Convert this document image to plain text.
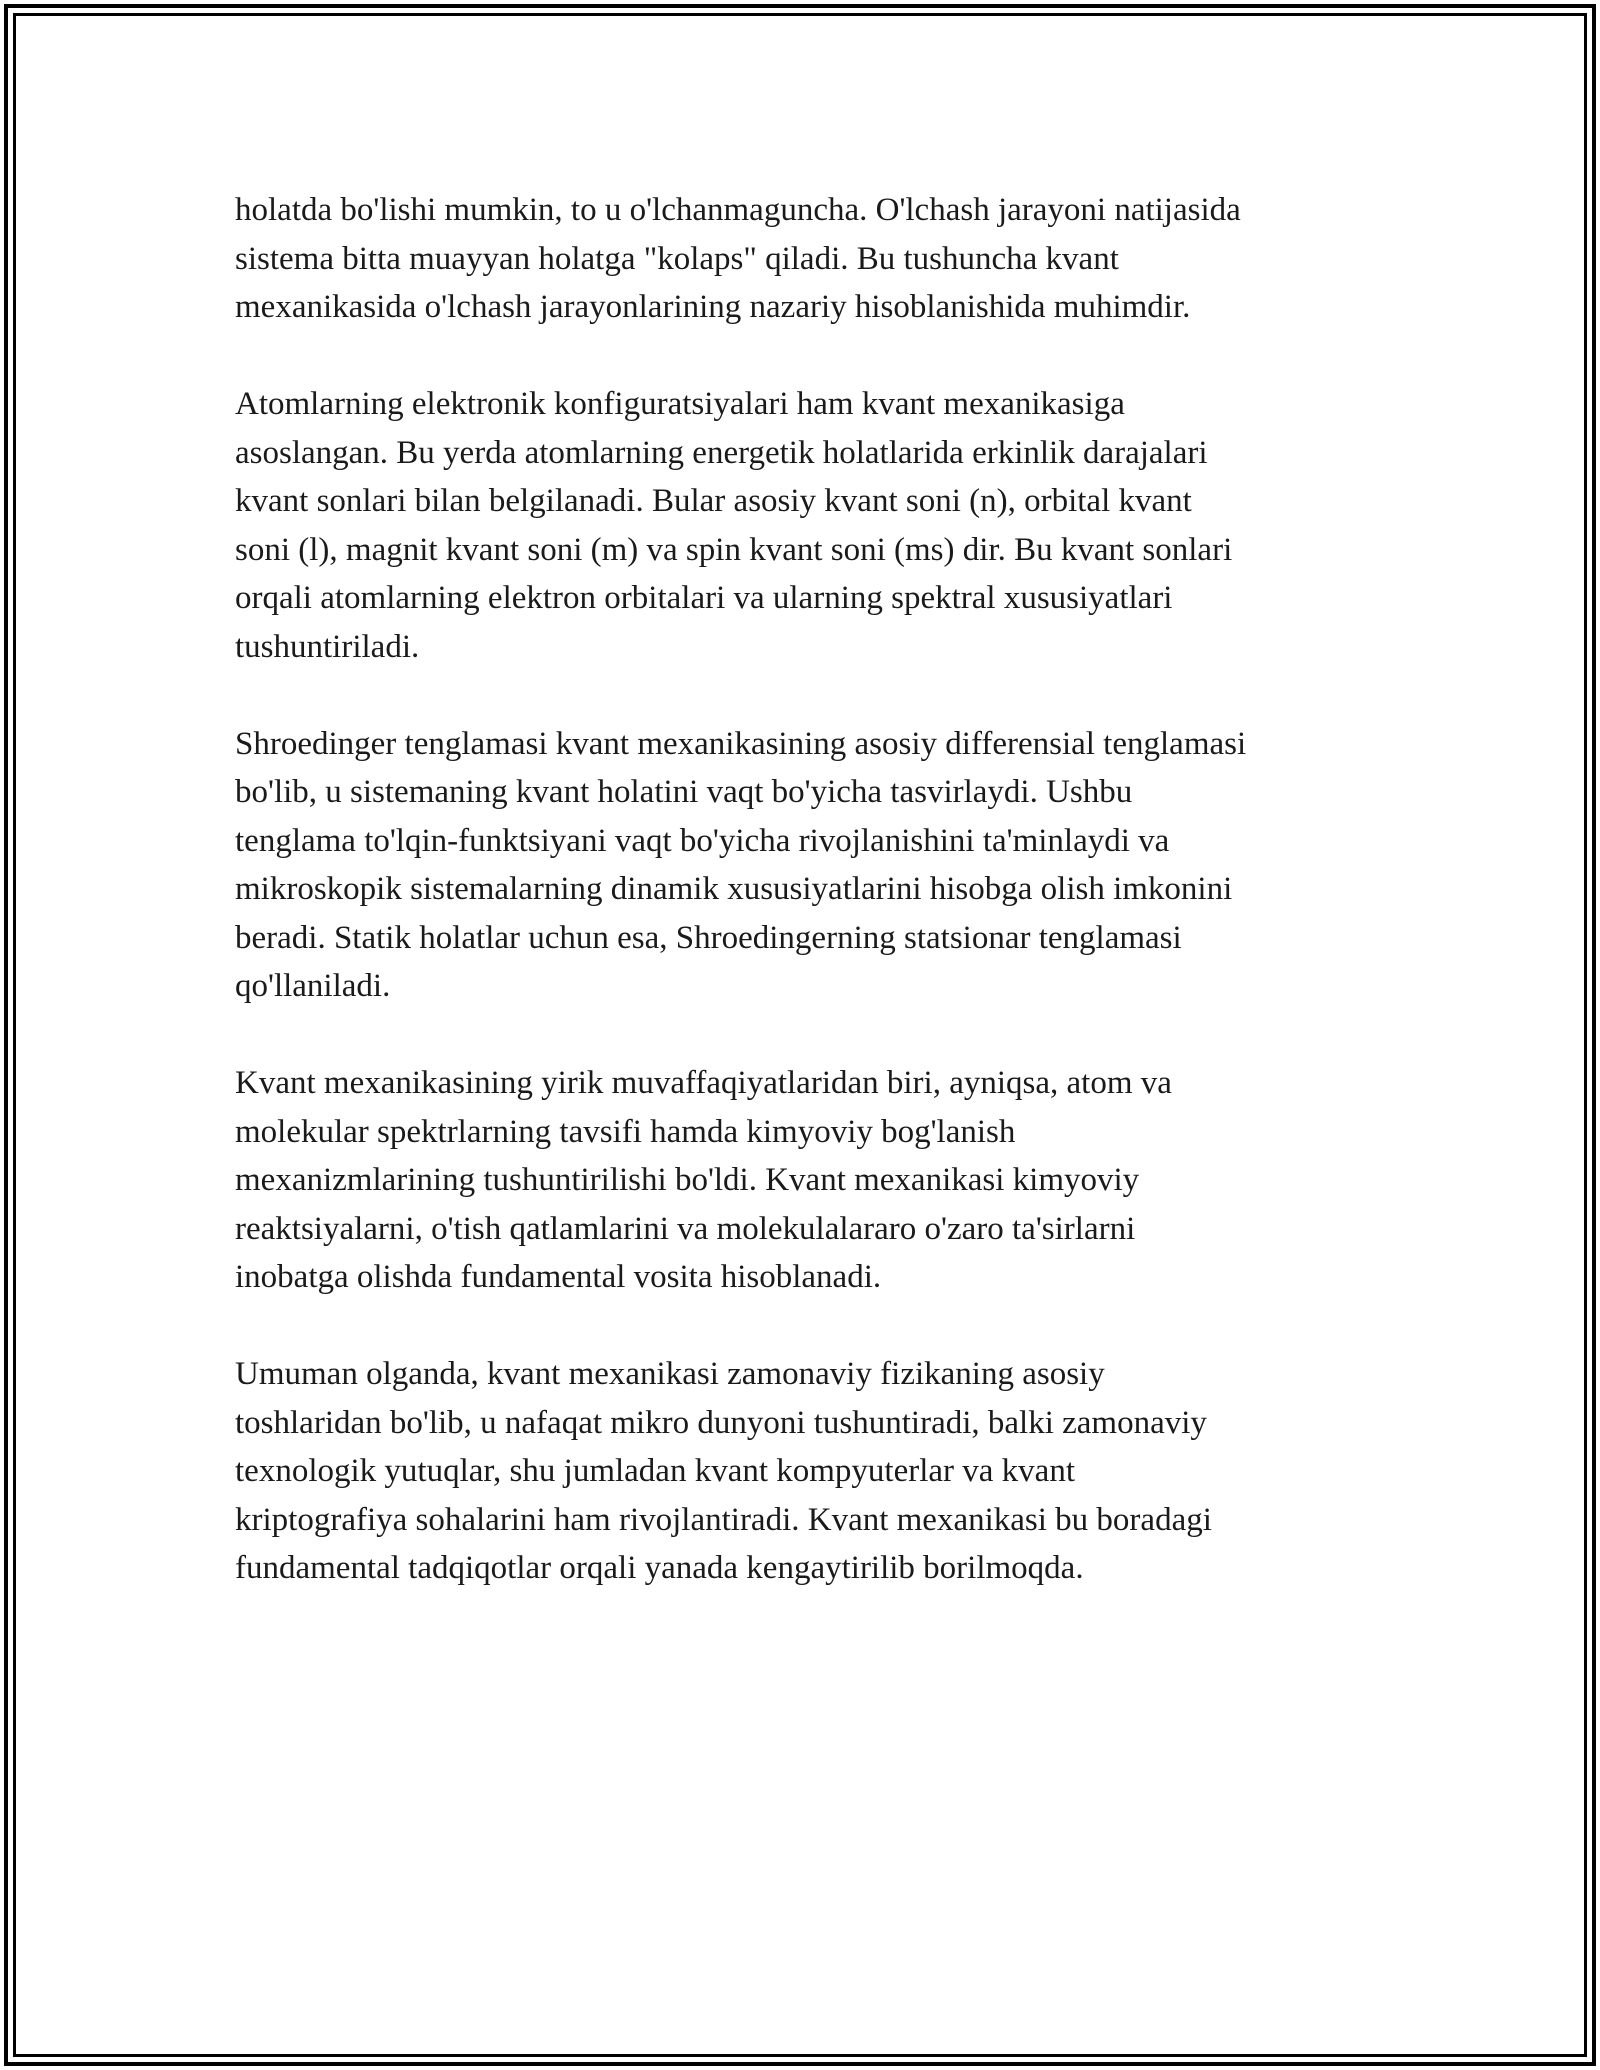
holatda bo'lishi mumkin, to u o'lchanmaguncha. O'lchash jarayoni natijasida
sistema bitta muayyan holatga "kolaps" qiladi. Bu tushuncha kvant
mexanikasida o'lchash jarayonlarining nazariy hisoblanishida muhimdir.

Atomlarning elektronik konfiguratsiyalari ham kvant mexanikasiga
asoslangan. Bu yerda atomlarning energetik holatlarida erkinlik darajalari
kvant sonlari bilan belgilanadi. Bular asosiy kvant soni (n), orbital kvant
soni (l), magnit kvant soni (m) va spin kvant soni (ms) dir. Bu kvant sonlari
orqali atomlarning elektron orbitalari va ularning spektral xususiyatlari
tushuntiriladi.

Shroedinger tenglamasi kvant mexanikasining asosiy differensial tenglamasi
bo'lib, u sistemaning kvant holatini vaqt bo'yicha tasvirlaydi. Ushbu
tenglama to'lqin-funktsiyani vaqt bo'yicha rivojlanishini ta'minlaydi va
mikroskopik sistemalarning dinamik xususiyatlarini hisobga olish imkonini
beradi. Statik holatlar uchun esa, Shroedingerning statsionar tenglamasi
qo'llaniladi.

Kvant mexanikasining yirik muvaffaqiyatlaridan biri, ayniqsa, atom va
molekular spektrlarning tavsifi hamda kimyoviy bog'lanish
mexanizmlarining tushuntirilishi bo'ldi. Kvant mexanikasi kimyoviy
reaktsiyalarni, o'tish qatlamlarini va molekulalararo o'zaro ta'sirlarni
inobatga olishda fundamental vosita hisoblanadi.

Umuman olganda, kvant mexanikasi zamonaviy fizikaning asosiy
toshlaridan bo'lib, u nafaqat mikro dunyoni tushuntiradi, balki zamonaviy
texnologik yutuqlar, shu jumladan kvant kompyuterlar va kvant
kriptografiya sohalarini ham rivojlantiradi. Kvant mexanikasi bu boradagi
fundamental tadqiqotlar orqali yanada kengaytirilib borilmoqda.
